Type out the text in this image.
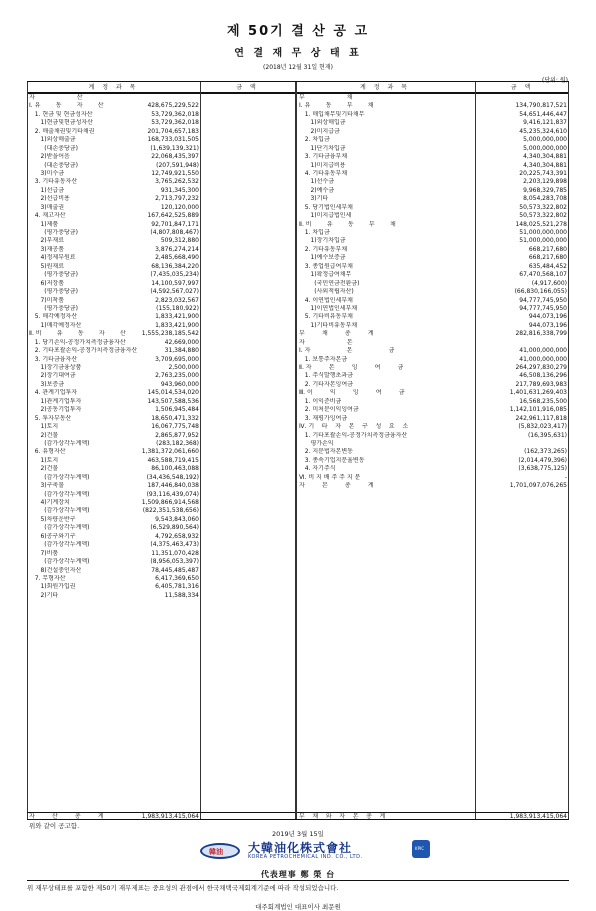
제 50기 결 산 공 고
연 결 재 무 상 태 표
(2018년 12월 31일 현재)
(단위: 원)
계 정 과 목	금 액	계 정 과 목	금 액
자                      산
Ⅰ. 유        동        자        산	428,675,229,522
1. 현금 및 현금성자산	53,729,362,018
1)현금및현금성자산	53,729,362,018
2. 매출채권및기타채권	201,704,657,183
1)외상매출금	168,733,031,505
(대손충당금)	(1,639,139,321)
2)받을어음	22,068,435,397
(대손충당금)	(207,591,948)
3)미수금	12,749,921,550
3. 기타유동자산	3,765,262,532
1)선급금	931,345,300
2)선급비용	2,713,797,232
3)매출권	120,120,000
4. 재고자산	167,642,525,889
1)제품	92,701,847,171
(평가충당금)	(4,807,808,467)
2)부재료	509,312,880
3)재공품	3,876,274,214
4)정제부원료	2,485,668,490
5)원재료	68,136,384,220
(평가충당금)	(7,435,035,234)
6)저장품	14,100,597,997
(평가충당금)	(4,592,567,027)
7)미착품	2,823,032,567
(평가충당금)	(155,180,922)
5. 매각예정자산	1,833,421,900
1)매각예정자산	1,833,421,900
Ⅱ. 비        유        동        자        산	1,555,238,185,542
1. 당기손익-공정가치측정금융자산	42,669,000
2. 기타포괄손익-공정가치측정금융자산	31,384,880
3. 기타금융자산	3,709,695,000
1)장기금융상품	2,500,000
2)장기대여금	2,763,235,000
3)보증금	943,960,000
4. 관계기업투자	145,014,534,020
1)관계기업투자	143,507,588,536
2)공동기업투자	1,506,945,484
5. 투자부동산	18,650,471,332
1)토지	16,067,775,748
2)건물	2,865,877,952
(감가상각누계액)	(283,182,368)
6. 유형자산	1,381,372,061,660
1)토지	463,588,719,415
2)건물	86,100,463,088
(감가상각누계액)	(34,436,548,192)
3)구축물	187,446,840,038
(감가상각누계액)	(93,116,439,074)
4)기계장치	1,509,866,914,568
(감가상각누계액)	(822,351,538,656)
5)차량운반구	9,543,843,060
(감가상각누계액)	(6,529,890,564)
6)공구와기구	4,792,658,932
(감가상각누계액)	(4,375,463,473)
7)비품	11,351,070,428
(감가상각누계액)	(8,956,053,397)
8)건설중인자산	78,445,485,487
7. 무형자산	6,417,369,650
1)회원가입권	6,405,781,316
2)기타	11,588,334
자         산         총         계	1,983,913,415,064
부                      채
Ⅰ. 유        동        부        채	134,790,817,521
1. 매입채무및기타채무	54,651,446,447
1)외상매입금	9,416,121,837
2)미지급금	45,235,324,610
2. 차입금	5,000,000,000
1)단기차입금	5,000,000,000
3. 기타금융부채	4,340,304,881
1)미지급비용	4,340,304,881
4. 기타유동부채	20,225,743,391
1)선수금	2,203,129,898
2)예수금	9,968,329,785
3)기타	8,054,283,708
5. 당기법인세부채	50,573,322,802
1)미지급법인세	50,573,322,802
Ⅱ. 비        유        동        부        채	148,025,521,278
1. 차입금	51,000,000,000
1)장기차입금	51,000,000,000
2. 기타유동부채	668,217,680
1)예수보증금	668,217,680
3. 종업원급여부채	635,484,452
1)확정급여채무	67,470,568,107
(국민연금전환금)	(4,917,600)
(사외적립자산)	(66,830,166,055)
4. 이연법인세부채	94,777,745,950
1)이연법인세부채	94,777,745,950
5. 기타비유동부채	944,073,196
1)기타비유동부채	944,073,196
부         채         총         계	282,816,338,799
자                      본
Ⅰ. 자                   본                   금	41,000,000,000
1. 보통주자본금	41,000,000,000
Ⅱ. 자         본         잉         여         금	264,297,830,279
1. 주식발행초과금	46,508,136,296
2. 기타자본잉여금	217,789,693,983
Ⅲ. 이         익         잉         여         금	1,401,631,269,403
1. 이익준비금	16,568,235,500
2. 미처분이익잉여금	1,142,101,916,085
3. 재평가잉여금	242,961,117,818
Ⅳ. 기    타    자    본    구    성    요    소	(5,832,023,417)
1. 기타포괄손익-공정가치측정금융자산	(16,395,631)
평가손익
2. 지분법자본변동	(162,373,265)
3. 종속기업지분율변동	(2,014,479,396)
4. 자기주식	(3,638,775,125)
Ⅵ. 비 지 배 주 주 지 분	-
자         본         총         계	1,701,097,076,265
부    채    와    자    본    총    계	1,983,913,415,064
위와 같이 공고함.
2019년 3월 15일
韓油 大韓油化株式會社
KOREA PETROCHEMICAL IND. CO., LTD.
KPIC
代表理事 鄭 榮 台
위 재무상태표를 포함한 제50기 재무제표는 중요성의 관점에서 한국채택국제회계기준에 따라 작성되었습니다.
대주회계법인 대표이사 최문원
